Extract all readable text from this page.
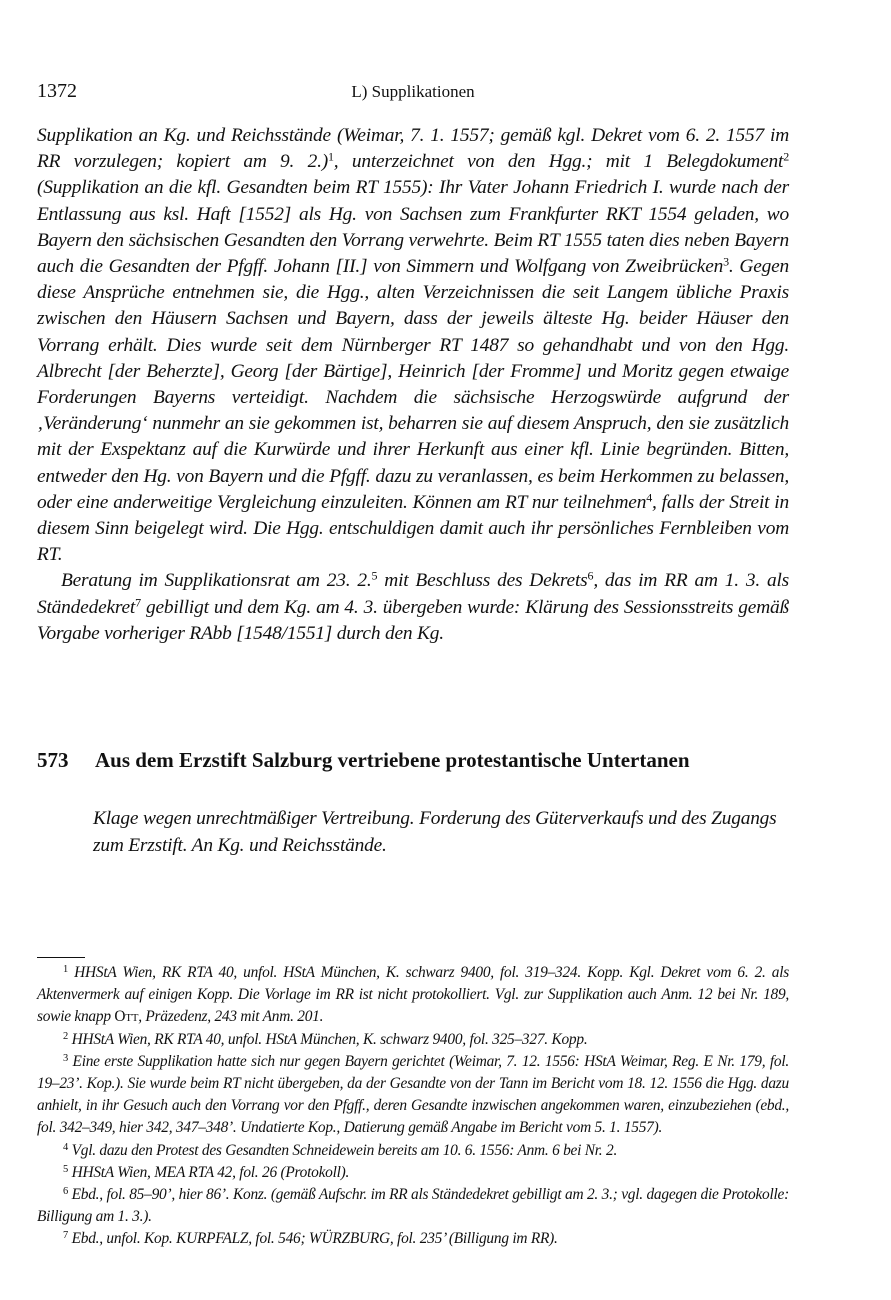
1372	L) Supplikationen

Supplikation an Kg. und Reichsstände (Weimar, 7. 1. 1557; gemäß kgl. Dekret vom 6. 2. 1557 im RR vorzulegen; kopiert am 9. 2.)$^1$, unterzeichnet von den Hgg.; mit 1 Belegdokument$^2$ (Supplikation an die kfl. Gesandten beim RT 1555): Ihr Vater Johann Friedrich I. wurde nach der Entlassung aus ksl. Haft [1552] als Hg. von Sachsen zum Frankfurter RKT 1554 geladen, wo Bayern den sächsischen Gesandten den Vorrang verwehrte. Beim RT 1555 taten dies neben Bayern auch die Gesandten der Pfgff. Johann [II.] von Simmern und Wolfgang von Zweibrücken$^3$. Gegen diese Ansprüche entnehmen sie, die Hgg., alten Verzeichnissen die seit Langem übliche Praxis zwischen den Häusern Sachsen und Bayern, dass der jeweils älteste Hg. beider Häuser den Vorrang erhält. Dies wurde seit dem Nürnberger RT 1487 so gehandhabt und von den Hgg. Albrecht [der Beherzte], Georg [der Bärtige], Heinrich [der Fromme] und Moritz gegen etwaige Forderungen Bayerns verteidigt. Nachdem die sächsische Herzogswürde aufgrund der ‚Veränderung‘ nunmehr an sie gekommen ist, beharren sie auf diesem Anspruch, den sie zusätzlich mit der Exspektanz auf die Kurwürde und ihrer Herkunft aus einer kfl. Linie begründen. Bitten, entweder den Hg. von Bayern und die Pfgff. dazu zu veranlassen, es beim Herkommen zu belassen, oder eine anderweitige Vergleichung einzuleiten. Können am RT nur teilnehmen$^4$, falls der Streit in diesem Sinn beigelegt wird. Die Hgg. entschuldigen damit auch ihr persönliches Fernbleiben vom RT.

Beratung im Supplikationsrat am 23. 2.$^5$ mit Beschluss des Dekrets$^6$, das im RR am 1. 3. als Ständedekret$^7$ gebilligt und dem Kg. am 4. 3. übergeben wurde: Klärung des Sessionsstreits gemäß Vorgabe vorheriger RAbb [1548/1551] durch den Kg.

573 Aus dem Erzstift Salzburg vertriebene protestantische Untertanen
Klage wegen unrechtmäßiger Vertreibung. Forderung des Güterverkaufs und des Zugangs zum Erzstift. An Kg. und Reichsstände.

$^1$ HHStA Wien, RK RTA 40, unfol. HStA München, K. schwarz 9400, fol. 319–324. Kopp. Kgl. Dekret vom 6. 2. als Aktenvermerk auf einigen Kopp. Die Vorlage im RR ist nicht protokolliert. Vgl. zur Supplikation auch Anm. 12 bei Nr. 189, sowie knapp Ott, Präzedenz, 243 mit Anm. 201.

$^2$ HHStA Wien, RK RTA 40, unfol. HStA München, K. schwarz 9400, fol. 325–327. Kopp.

$^3$ Eine erste Supplikation hatte sich nur gegen Bayern gerichtet (Weimar, 7. 12. 1556: HStA Weimar, Reg. E Nr. 179, fol. 19–23’. Kop.). Sie wurde beim RT nicht übergeben, da der Gesandte von der Tann im Bericht vom 18. 12. 1556 die Hgg. dazu anhielt, in ihr Gesuch auch den Vorrang vor den Pfgff., deren Gesandte inzwischen angekommen waren, einzubeziehen (ebd., fol. 342–349, hier 342, 347–348’. Undatierte Kop., Datierung gemäß Angabe im Bericht vom 5. 1. 1557).

$^4$ Vgl. dazu den Protest des Gesandten Schneidewein bereits am 10. 6. 1556: Anm. 6 bei Nr. 2.

$^5$ HHStA Wien, MEA RTA 42, fol. 26 (Protokoll).

$^6$ Ebd., fol. 85–90’, hier 86’. Konz. (gemäß Aufschr. im RR als Ständedekret gebilligt am 2. 3.; vgl. dagegen die Protokolle: Billigung am 1. 3.).

$^7$ Ebd., unfol. Kop. KURPFALZ, fol. 546; WÜRZBURG, fol. 235’ (Billigung im RR).
